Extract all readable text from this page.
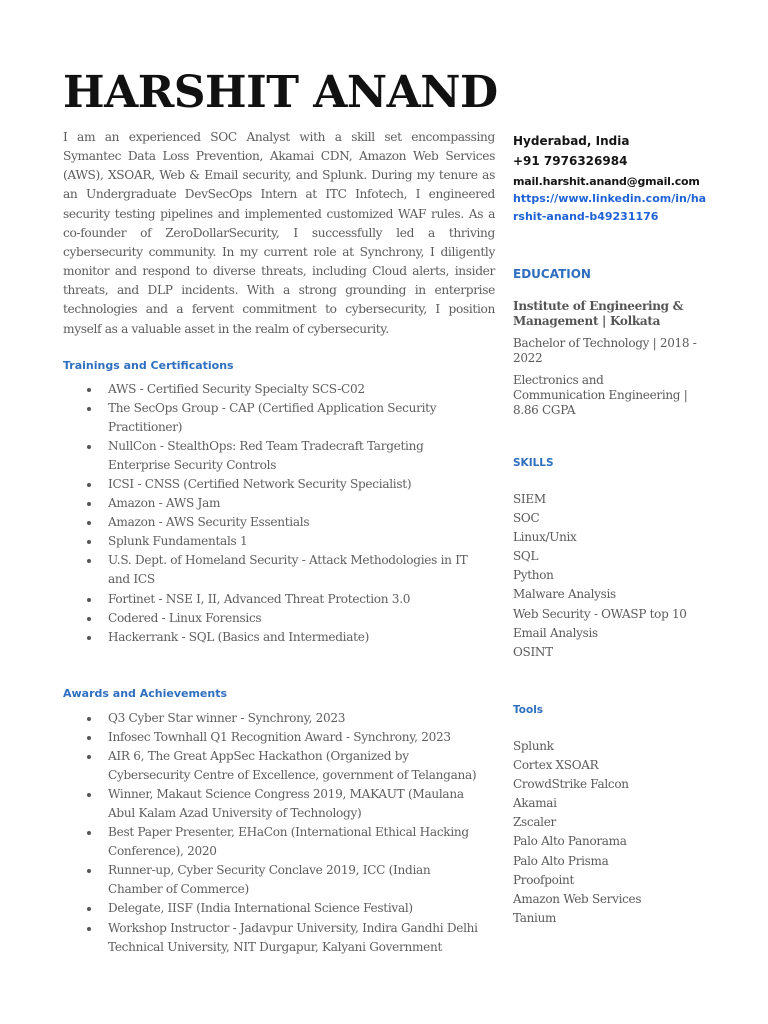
HARSHIT ANAND

I am an experienced SOC Analyst with a skill set encompassing Symantec Data Loss Prevention, Akamai CDN, Amazon Web Services (AWS), XSOAR, Web & Email security, and Splunk. During my tenure as an Undergraduate DevSecOps Intern at ITC Infotech, I engineered security testing pipelines and implemented customized WAF rules. As a co-founder of ZeroDollarSecurity, I successfully led a thriving cybersecurity community. In my current role at Synchrony, I diligently monitor and respond to diverse threats, including Cloud alerts, insider threats, and DLP incidents. With a strong grounding in enterprise technologies and a fervent commitment to cybersecurity, I position myself as a valuable asset in the realm of cybersecurity.

Trainings and Certifications
AWS - Certified Security Specialty SCS-C02
The SecOps Group - CAP (Certified Application Security Practitioner)
NullCon - StealthOps: Red Team Tradecraft Targeting Enterprise Security Controls
ICSI - CNSS (Certified Network Security Specialist)
Amazon - AWS Jam
Amazon - AWS Security Essentials
Splunk Fundamentals 1
U.S. Dept. of Homeland Security - Attack Methodologies in IT and ICS
Fortinet - NSE I, II, Advanced Threat Protection 3.0
Codered - Linux Forensics
Hackerrank - SQL (Basics and Intermediate)
Awards and Achievements
Q3 Cyber Star winner - Synchrony, 2023
Infosec Townhall Q1 Recognition Award - Synchrony, 2023
AIR 6, The Great AppSec Hackathon (Organized by Cybersecurity Centre of Excellence, government of Telangana)
Winner, Makaut Science Congress 2019, MAKAUT (Maulana Abul Kalam Azad University of Technology)
Best Paper Presenter, EHaCon (International Ethical Hacking Conference), 2020
Runner-up, Cyber Security Conclave 2019, ICC (Indian Chamber of Commerce)
Delegate, IISF (India International Science Festival)
Workshop Instructor - Jadavpur University, Indira Gandhi Delhi Technical University, NIT Durgapur, Kalyani Government
Hyderabad, India
+91 7976326984
mail.harshit.anand@gmail.com
https://www.linkedin.com/in/harshit-anand-b49231176
EDUCATION
Institute of Engineering & Management | Kolkata
Bachelor of Technology | 2018 - 2022
Electronics and Communication Engineering | 8.86 CGPA
SKILLS
SIEM
SOC
Linux/Unix
SQL
Python
Malware Analysis
Web Security - OWASP top 10
Email Analysis
OSINT
Tools
Splunk
Cortex XSOAR
CrowdStrike Falcon
Akamai
Zscaler
Palo Alto Panorama
Palo Alto Prisma
Proofpoint
Amazon Web Services
Tanium
